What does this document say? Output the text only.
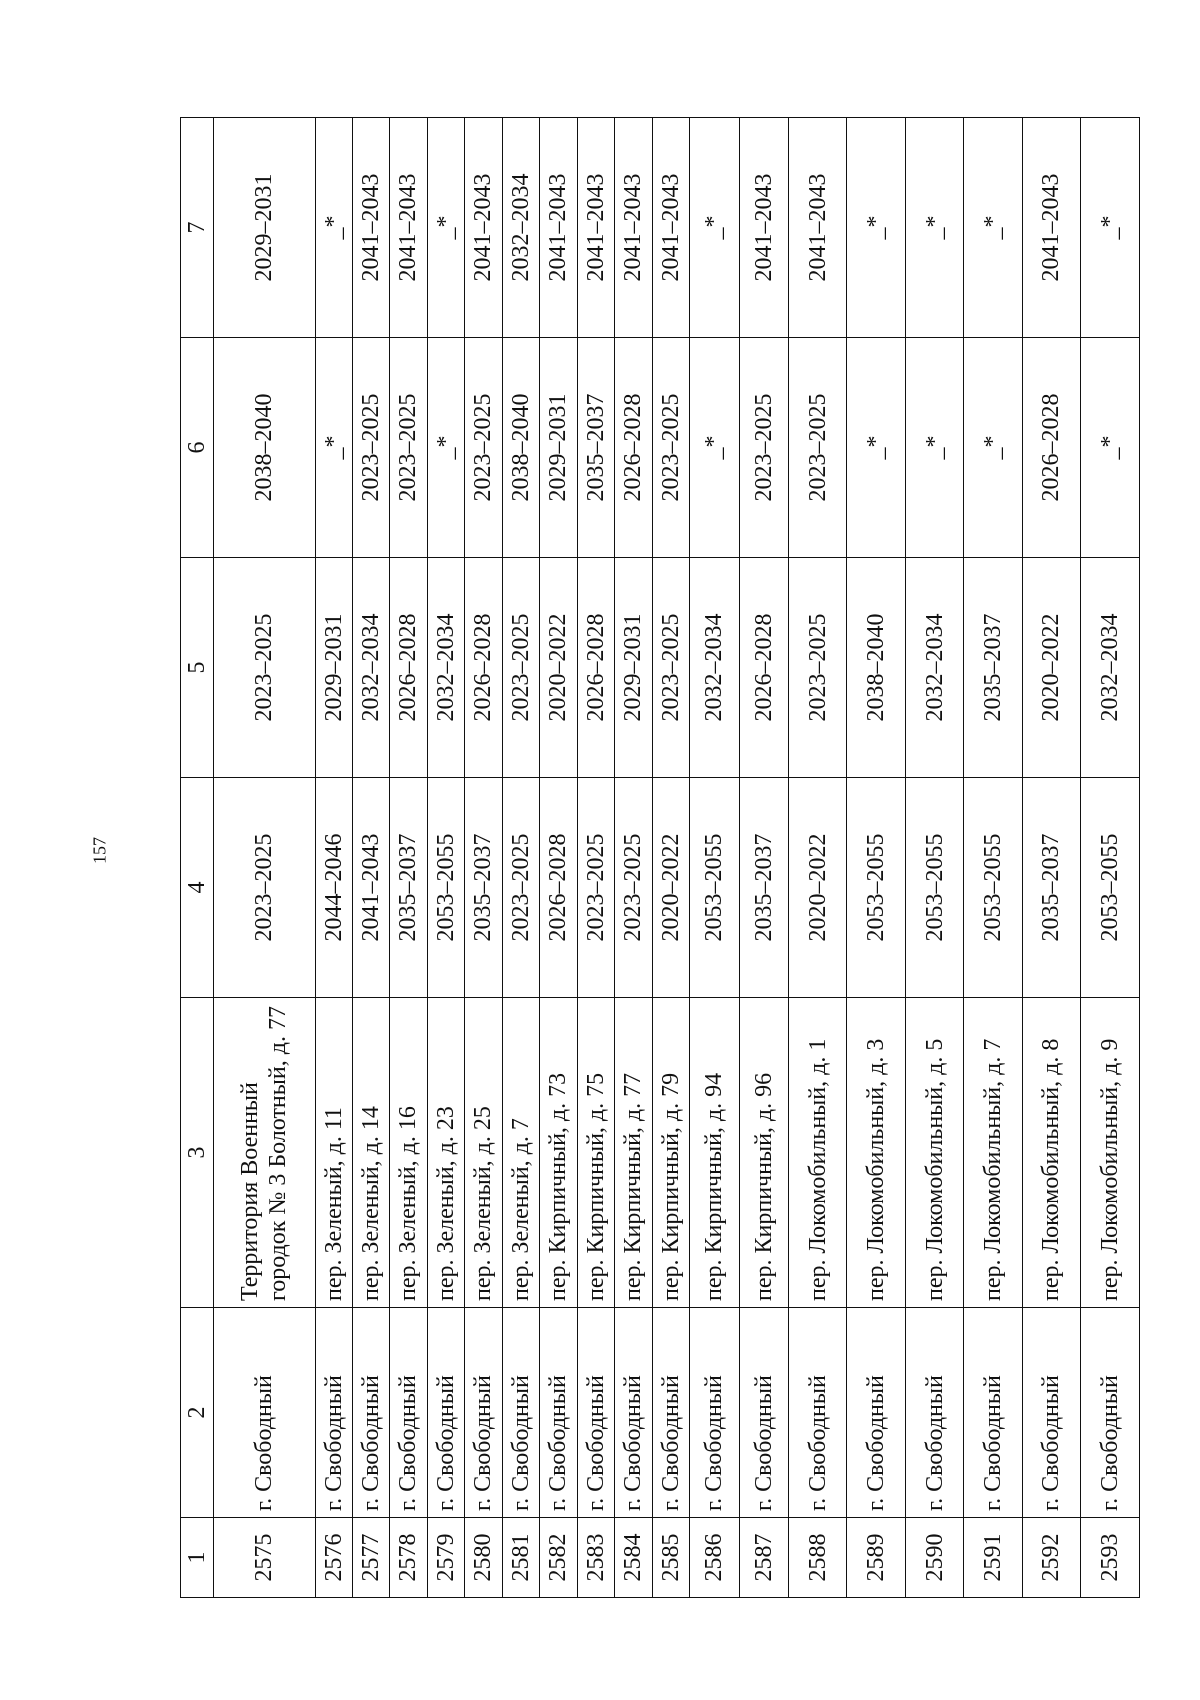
157
1	2	3	4	5	6	7
2575	г. Свободный	Территория Военный городок № 3 Болотный, д. 77	2023–2025	2023–2025	2038–2040	2029–2031
2576	г. Свободный	пер. Зеленый, д. 11	2044–2046	2029–2031	_*	_*
2577	г. Свободный	пер. Зеленый, д. 14	2041–2043	2032–2034	2023–2025	2041–2043
2578	г. Свободный	пер. Зеленый, д. 16	2035–2037	2026–2028	2023–2025	2041–2043
2579	г. Свободный	пер. Зеленый, д. 23	2053–2055	2032–2034	_*	_*
2580	г. Свободный	пер. Зеленый, д. 25	2035–2037	2026–2028	2023–2025	2041–2043
2581	г. Свободный	пер. Зеленый, д. 7	2023–2025	2023–2025	2038–2040	2032–2034
2582	г. Свободный	пер. Кирпичный, д. 73	2026–2028	2020–2022	2029–2031	2041–2043
2583	г. Свободный	пер. Кирпичный, д. 75	2023–2025	2026–2028	2035–2037	2041–2043
2584	г. Свободный	пер. Кирпичный, д. 77	2023–2025	2029–2031	2026–2028	2041–2043
2585	г. Свободный	пер. Кирпичный, д. 79	2020–2022	2023–2025	2023–2025	2041–2043
2586	г. Свободный	пер. Кирпичный, д. 94	2053–2055	2032–2034	_*	_*
2587	г. Свободный	пер. Кирпичный, д. 96	2035–2037	2026–2028	2023–2025	2041–2043
2588	г. Свободный	пер. Локомобильный, д. 1	2020–2022	2023–2025	2023–2025	2041–2043
2589	г. Свободный	пер. Локомобильный, д. 3	2053–2055	2038–2040	_*	_*
2590	г. Свободный	пер. Локомобильный, д. 5	2053–2055	2032–2034	_*	_*
2591	г. Свободный	пер. Локомобильный, д. 7	2053–2055	2035–2037	_*	_*
2592	г. Свободный	пер. Локомобильный, д. 8	2035–2037	2020–2022	2026–2028	2041–2043
2593	г. Свободный	пер. Локомобильный, д. 9	2053–2055	2032–2034	_*	_*
